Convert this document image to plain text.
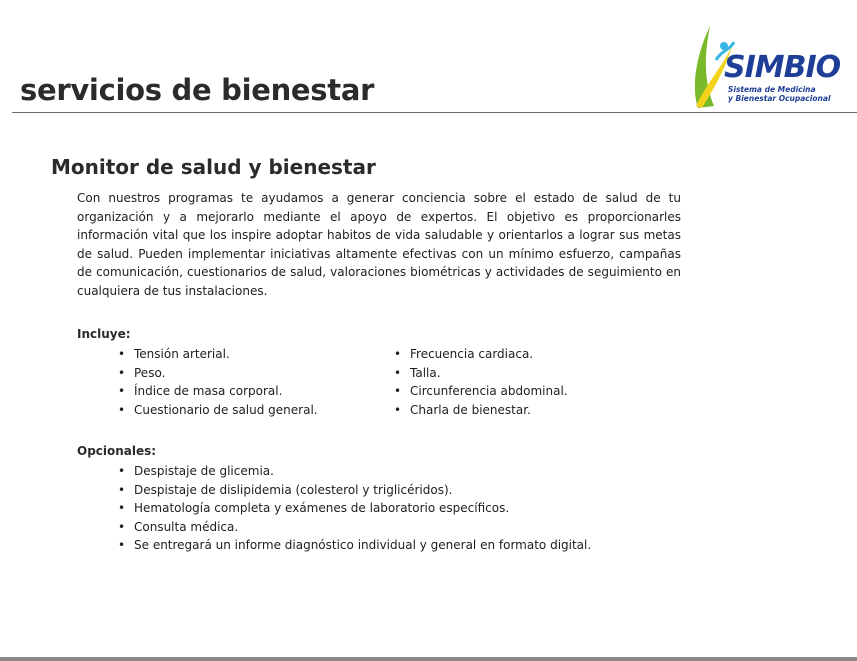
servicios de bienestar
SIMBIO
Sistema de Medicina
y Bienestar Ocupacional
Monitor de salud y bienestar

Con nuestros programas te ayudamos a generar conciencia sobre el estado de salud de tu organización y a mejorarlo mediante el apoyo de expertos. El objetivo es proporcionarles información vital que los inspire adoptar habitos de vida saludable y orientarlos a lograr sus metas de salud. Pueden implementar iniciativas altamente efectivas con un mínimo esfuerzo, campañas de comunicación, cuestionarios de salud, valoraciones biométricas y actividades de seguimiento en cualquiera de tus instalaciones.

Incluye:
• Tensión arterial.
• Peso.
• Índice de masa corporal.
• Cuestionario de salud general.
• Frecuencia cardiaca.
• Talla.
• Circunferencia abdominal.
• Charla de bienestar.
Opcionales:
• Despistaje de glicemia.
• Despistaje de dislipidemia (colesterol y triglicéridos).
• Hematología completa y exámenes de laboratorio específicos.
• Consulta médica.
• Se entregará un informe diagnóstico individual y general en formato digital.
